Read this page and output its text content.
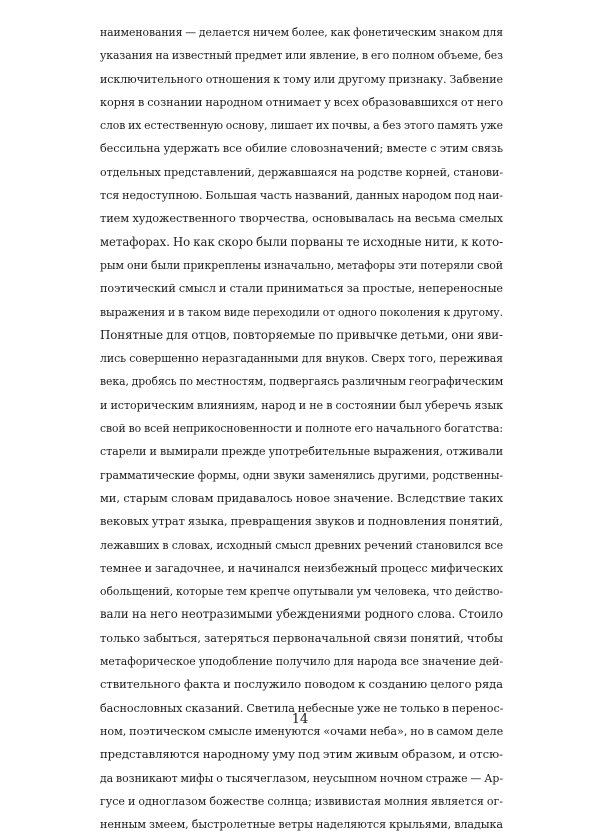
наименования — делается ничем более, как фонетическим знаком для
указания на известный предмет или явление, в его полном объеме, без
исключительного отношения к тому или другому признаку. Забвение
корня в сознании народном отнимает у всех образовавшихся от него
слов их естественную основу, лишает их почвы, а без этого память уже
бессильна удержать все обилие словозначений; вместе с этим связь
отдельных представлений, державшаяся на родстве корней, станови-
тся недоступною. Большая часть названий, данных народом под наи-
тием художественного творчества, основывалась на весьма смелых
метафорах. Но как скоро были порваны те исходные нити, к кото-
рым они были прикреплены изначально, метафоры эти потеряли свой
поэтический смысл и стали приниматься за простые, непереносные
выражения и в таком виде переходили от одного поколения к другому.
Понятные для отцов, повторяемые по привычке детьми, они яви-
лись совершенно неразгаданными для внуков. Сверх того, переживая
века, дробясь по местностям, подвергаясь различным географическим
и историческим влияниям, народ и не в состоянии был уберечь язык
свой во всей неприкосновенности и полноте его начального богатства:
старели и вымирали прежде употребительные выражения, отживали
грамматические формы, одни звуки заменялись другими, родственны-
ми, старым словам придавалось новое значение. Вследствие таких
вековых утрат языка, превращения звуков и подновления понятий,
лежавших в словах, исходный смысл древних речений становился все
темнее и загадочнее, и начинался неизбежный процесс мифических
обольщений, которые тем крепче опутывали ум человека, что действо-
вали на него неотразимыми убеждениями родного слова. Стоило
только забыться, затеряться первоначальной связи понятий, чтобы
метафорическое уподобление получило для народа все значение дей-
ствительного факта и послужило поводом к созданию целого ряда
баснословных сказаний. Светила небесные уже не только в перенос-
ном, поэтическом смысле именуются «очами неба», но в самом деле
представляются народному уму под этим живым образом, и отсю-
да возникают мифы о тысячеглазом, неусыпном ночном страже — Ар-
гусе и одноглазом божестве солнца; извивистая молния является ог-
ненным змеем, быстролетные ветры наделяются крыльями, владыка
14
